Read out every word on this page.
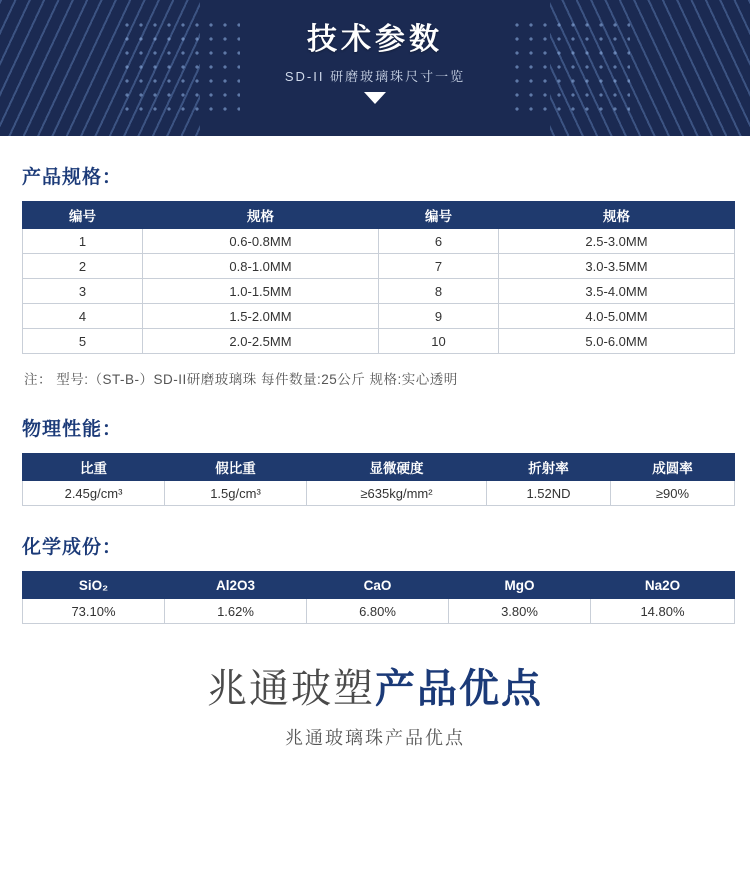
技术参数
SD-II 研磨玻璃珠尺寸一览
产品规格：
编号	规格	编号	规格
1	0.6-0.8MM	6	2.5-3.0MM
2	0.8-1.0MM	7	3.0-3.5MM
3	1.0-1.5MM	8	3.5-4.0MM
4	1.5-2.0MM	9	4.0-5.0MM
5	2.0-2.5MM	10	5.0-6.0MM
注： 型号:（ST-B-）SD-II研磨玻璃珠 每件数量:25公斤 规格:实心透明
物理性能：
比重	假比重	显微硬度	折射率	成圆率
2.45g/cm³	1.5g/cm³	≥635kg/mm²	1.52ND	≥90%
化学成份：
SiO₂	Al2O3	CaO	MgO	Na2O
73.10%	1.62%	6.80%	3.80%	14.80%
兆通玻塑产品优点
兆通玻璃珠产品优点
